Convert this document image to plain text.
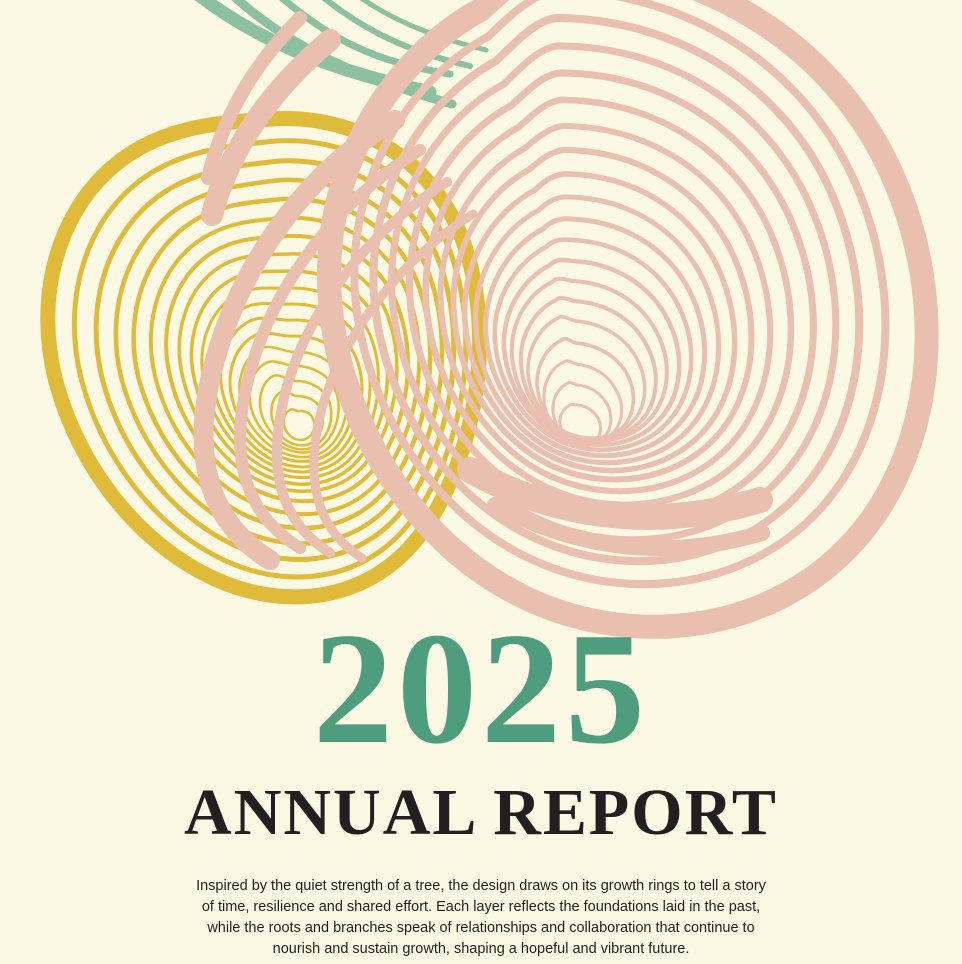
2025
ANNUAL REPORT
Inspired by the quiet strength of a tree, the design draws on its growth rings to tell a story of time, resilience and shared effort. Each layer reflects the foundations laid in the past, while the roots and branches speak of relationships and collaboration that continue to nourish and sustain growth, shaping a hopeful and vibrant future.
